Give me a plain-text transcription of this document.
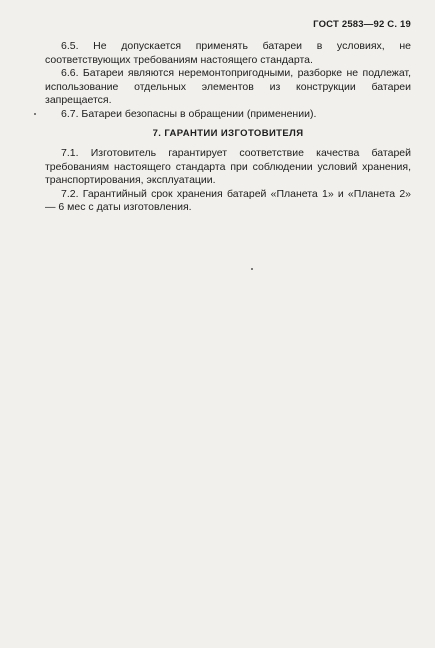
ГОСТ 2583—92 С. 19

6.5. Не допускается применять батареи в условиях, не соответствующих требованиям настоящего стандарта.

6.6. Батареи являются неремонтопригодными, разборке не подлежат, использование отдельных элементов из конструкции батареи запрещается.

6.7. Батареи безопасны в обращении (применении).

7. ГАРАНТИИ ИЗГОТОВИТЕЛЯ

7.1. Изготовитель гарантирует соответствие качества батарей требованиям настоящего стандарта при соблюдении условий хранения, транспортирования, эксплуатации.

7.2. Гарантийный срок хранения батарей «Планета 1» и «Планета 2» — 6 мес с даты изготовления.
